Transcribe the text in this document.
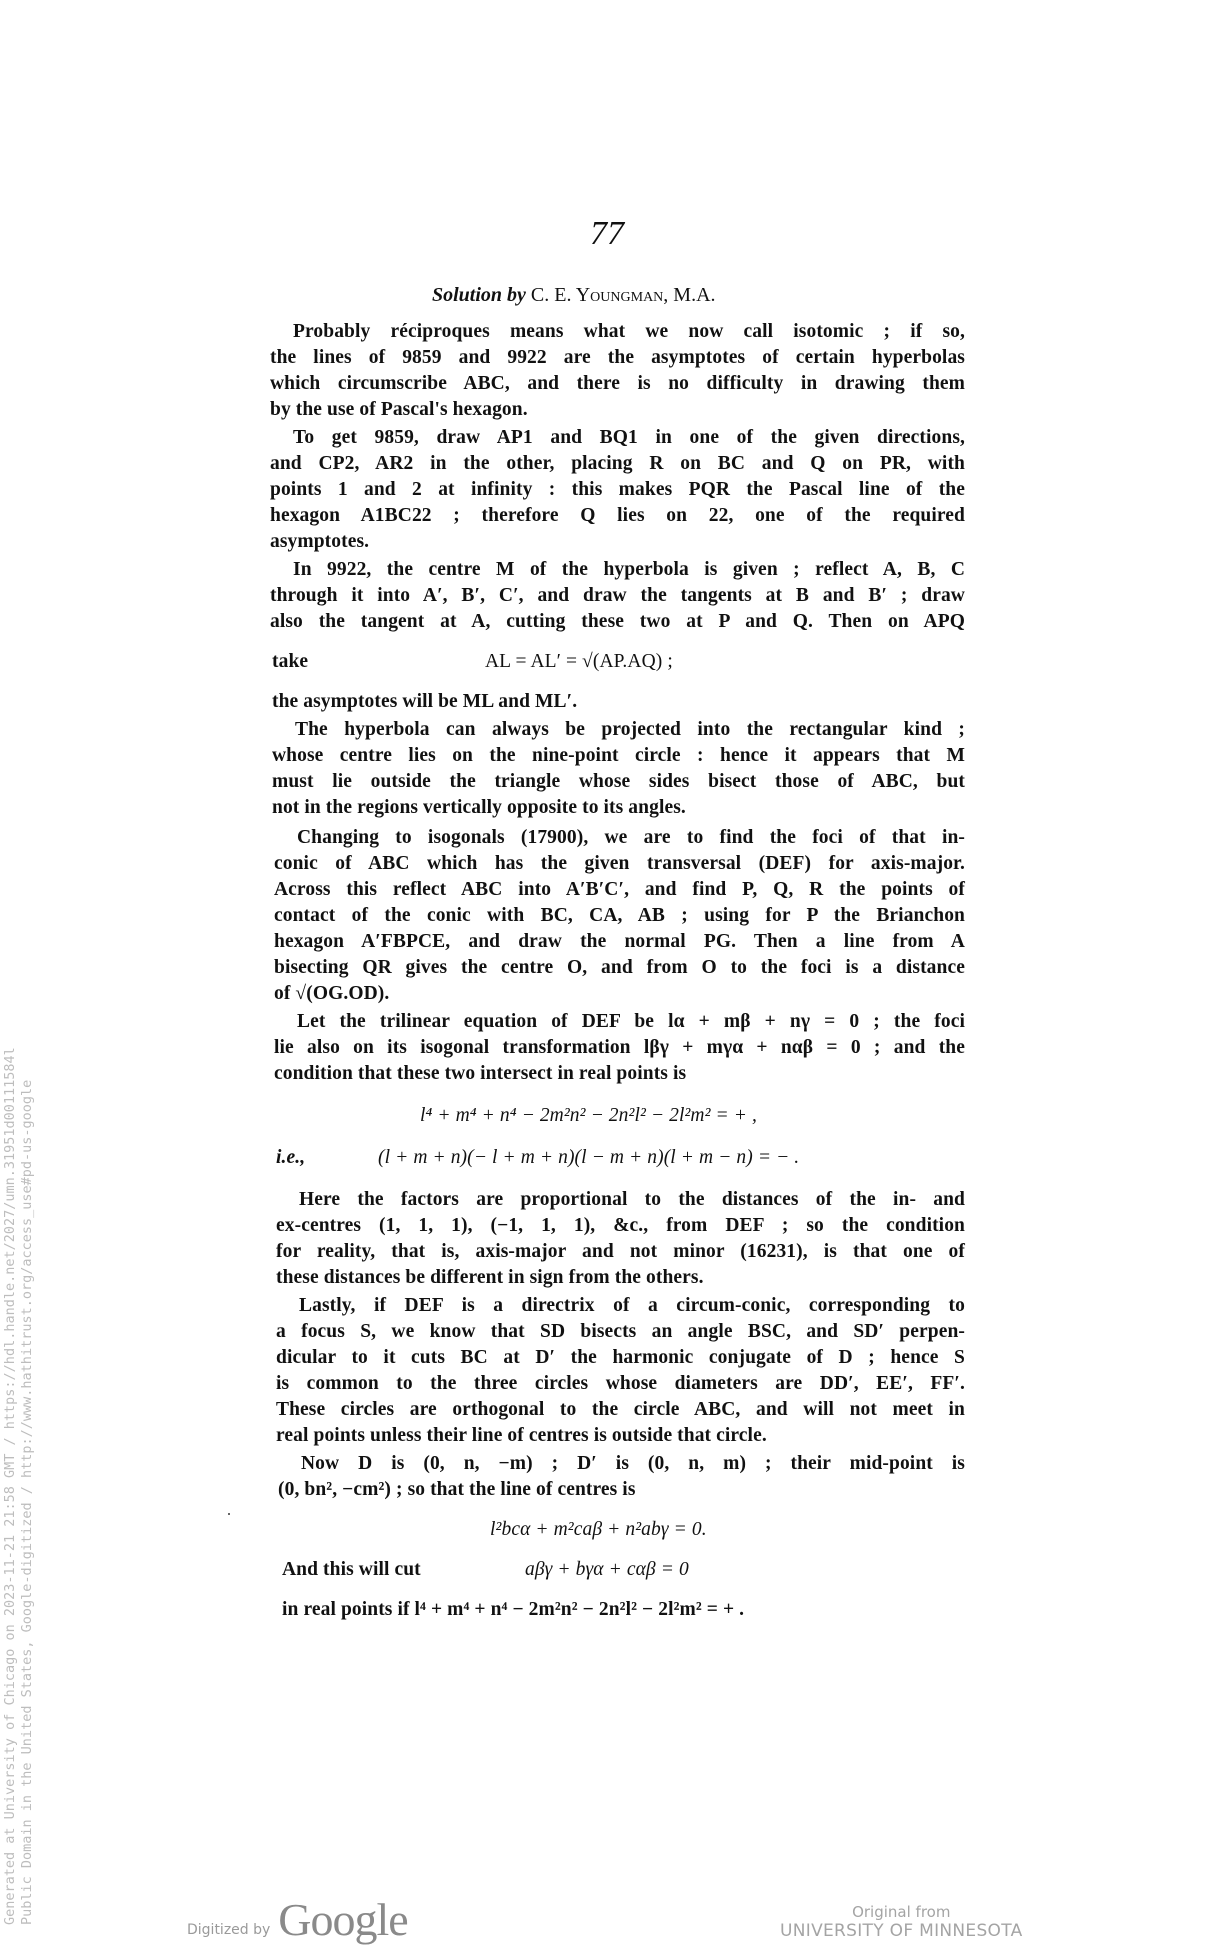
77
Solution by C. E. Youngman, M.A.
Probably réciproques means what we now call isotomic ; if so,
the lines of 9859 and 9922 are the asymptotes of certain hyperbolas
which circumscribe ABC, and there is no difficulty in drawing them
by the use of Pascal's hexagon.
To get 9859, draw AP1 and BQ1 in one of the given directions,
and CP2, AR2 in the other, placing R on BC and Q on PR, with
points 1 and 2 at infinity : this makes PQR the Pascal line of the
hexagon A1BC22 ; therefore Q lies on 22, one of the required
asymptotes.
In 9922, the centre M of the hyperbola is given ; reflect A, B, C
through it into A′, B′, C′, and draw the tangents at B and B′ ; draw
also the tangent at A, cutting these two at P and Q. Then on APQ
take	AL = AL′ = √(AP.AQ) ;
the asymptotes will be ML and ML′.
The hyperbola can always be projected into the rectangular kind ;
whose centre lies on the nine-point circle : hence it appears that M
must lie outside the triangle whose sides bisect those of ABC, but
not in the regions vertically opposite to its angles.
Changing to isogonals (17900), we are to find the foci of that in-
conic of ABC which has the given transversal (DEF) for axis-major.
Across this reflect ABC into A′B′C′, and find P, Q, R the points of
contact of the conic with BC, CA, AB ; using for P the Brianchon
hexagon A′FBPCE, and draw the normal PG. Then a line from A
bisecting QR gives the centre O, and from O to the foci is a distance
of √(OG.OD).
Let the trilinear equation of DEF be lα + mβ + nγ = 0 ; the foci
lie also on its isogonal transformation lβγ + mγα + nαβ = 0 ; and the
condition that these two intersect in real points is
l⁴ + m⁴ + n⁴ − 2m²n² − 2n²l² − 2l²m² = + ,
i.e.,	(l + m + n)(− l + m + n)(l − m + n)(l + m − n) = − .
Here the factors are proportional to the distances of the in- and
ex-centres (1, 1, 1), (−1, 1, 1), &c., from DEF ; so the condition
for reality, that is, axis-major and not minor (16231), is that one of
these distances be different in sign from the others.
Lastly, if DEF is a directrix of a circum-conic, corresponding to
a focus S, we know that SD bisects an angle BSC, and SD′ perpen-
dicular to it cuts BC at D′ the harmonic conjugate of D ; hence S
is common to the three circles whose diameters are DD′, EE′, FF′.
These circles are orthogonal to the circle ABC, and will not meet in
real points unless their line of centres is outside that circle.
Now D is (0, n, −m) ; D′ is (0, n, m) ; their mid-point is
(0, bn², −cm²) ; so that the line of centres is
l²bcα + m²caβ + n²abγ = 0.
And this will cut	aβγ + bγα + cαβ = 0
in real points if l⁴ + m⁴ + n⁴ − 2m²n² − 2n²l² − 2l²m² = + .
Generated at University of Chicago on 2023-11-21 21:58 GMT / https://hdl.handle.net/2027/umn.31951d00111584l Public Domain in the United States, Google-digitized / http://www.hathitrust.org/access_use#pd-us-google
Digitized by Google	Original from
UNIVERSITY OF MINNESOTA
